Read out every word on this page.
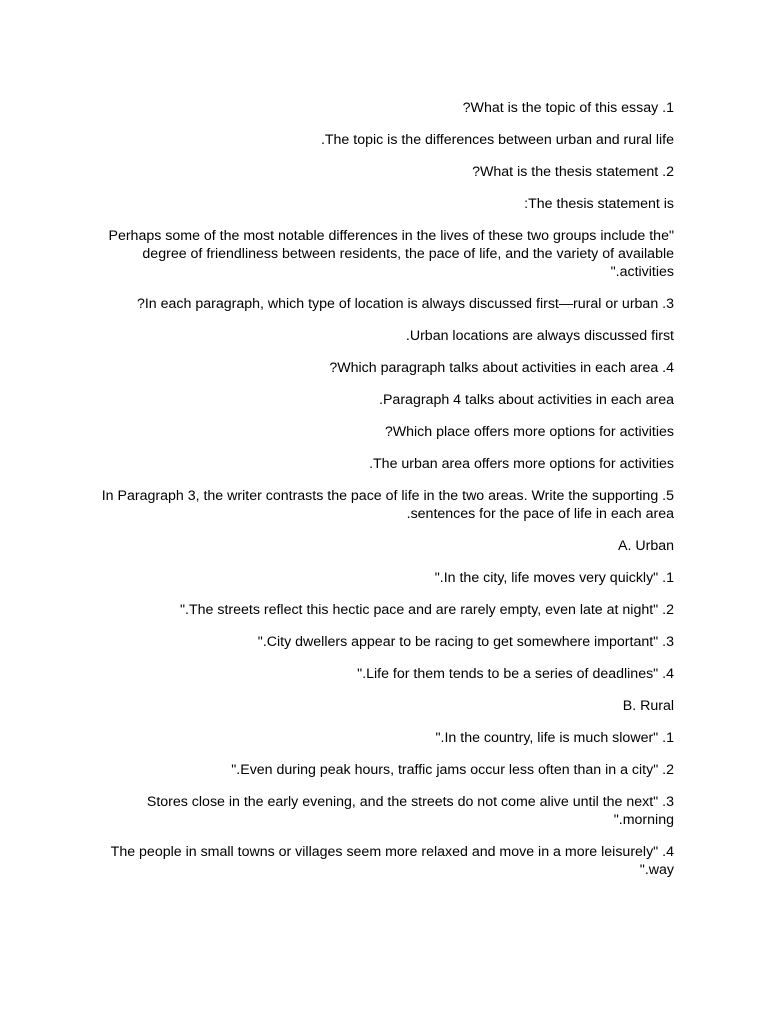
?What is the topic of this essay .1
.The topic is the differences between urban and rural life
?What is the thesis statement .2
:The thesis statement is
Perhaps some of the most notable differences in the lives of these two groups include the"
degree of friendliness between residents, the pace of life, and the variety of available
".activities
?In each paragraph, which type of location is always discussed first—rural or urban .3
.Urban locations are always discussed first
?Which paragraph talks about activities in each area .4
.Paragraph 4 talks about activities in each area
?Which place offers more options for activities
.The urban area offers more options for activities
In Paragraph 3, the writer contrasts the pace of life in the two areas. Write the supporting .5
.sentences for the pace of life in each area
A. Urban
".In the city, life moves very quickly" .1
".The streets reflect this hectic pace and are rarely empty, even late at night" .2
".City dwellers appear to be racing to get somewhere important" .3
".Life for them tends to be a series of deadlines" .4
B. Rural
".In the country, life is much slower" .1
".Even during peak hours, traffic jams occur less often than in a city" .2
Stores close in the early evening, and the streets do not come alive until the next" .3
".morning
The people in small towns or villages seem more relaxed and move in a more leisurely" .4
".way
